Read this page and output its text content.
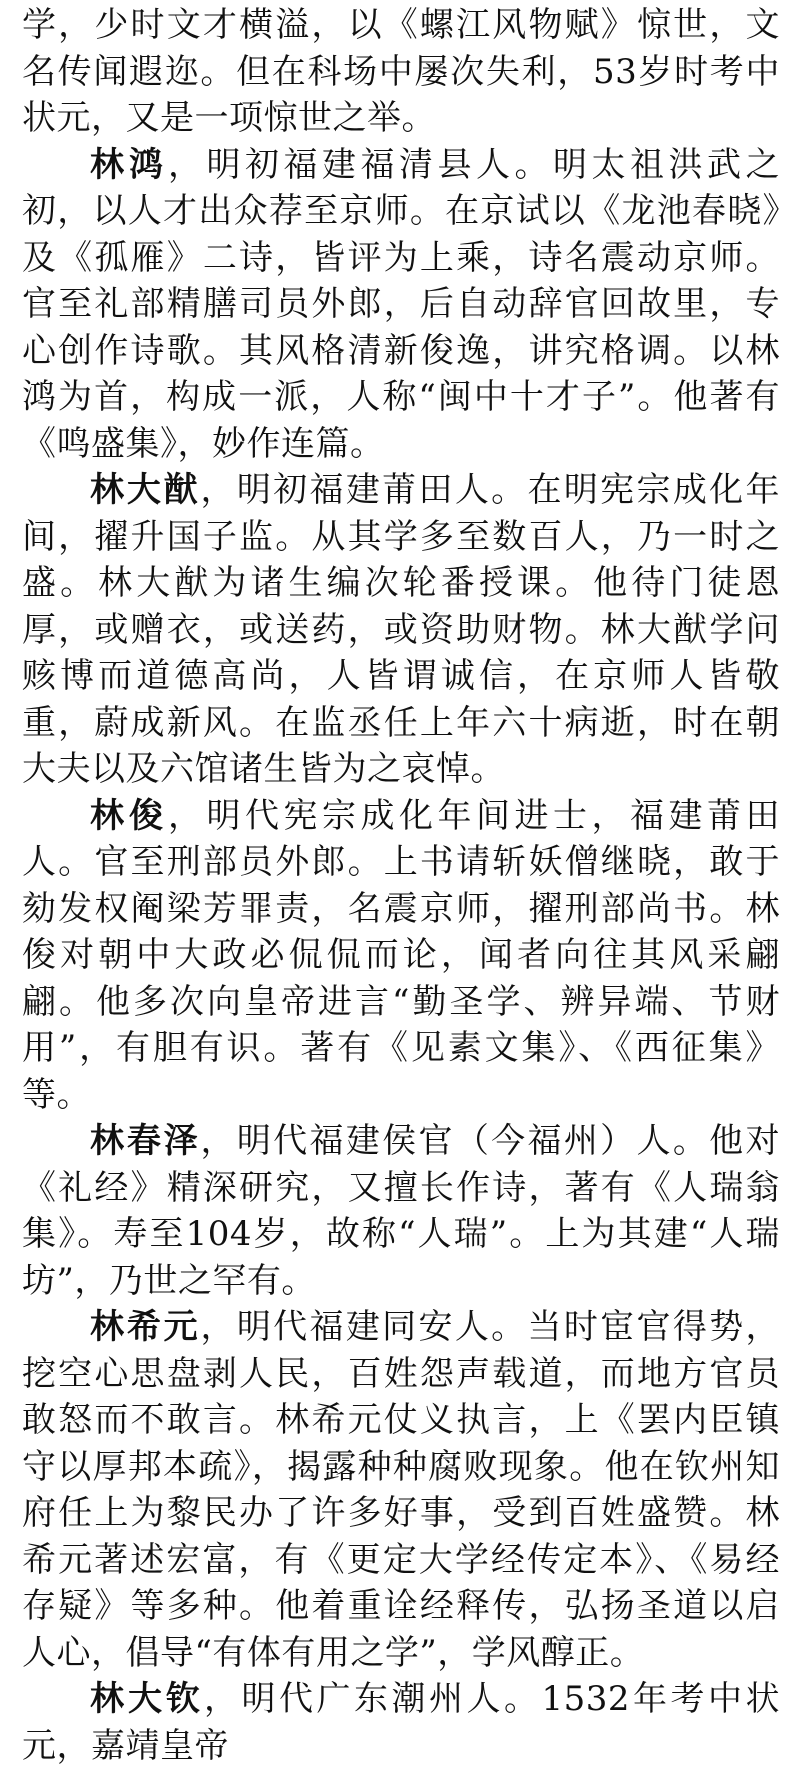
学，少时文才横溢，以《螺江风物赋》惊世，文名传闻遐迩。但在科场中屡次失利，53岁时考中状元，又是一项惊世之举。

林鸿，明初福建福清县人。明太祖洪武之初，以人才出众荐至京师。在京试以《龙池春晓》及《孤雁》二诗，皆评为上乘，诗名震动京师。官至礼部精膳司员外郎，后自动辞官回故里，专心创作诗歌。其风格清新俊逸，讲究格调。以林鸿为首，构成一派，人称“闽中十才子”。他著有《鸣盛集》，妙作连篇。

林大猷，明初福建莆田人。在明宪宗成化年间，擢升国子监。从其学多至数百人，乃一时之盛。林大猷为诸生编次轮番授课。他待门徒恩厚，或赠衣，或送药，或资助财物。林大猷学问赅博而道德高尚，人皆谓诚信，在京师人皆敬重，蔚成新风。在监丞任上年六十病逝，时在朝大夫以及六馆诸生皆为之哀悼。

林俊，明代宪宗成化年间进士，福建莆田人。官至刑部员外郎。上书请斩妖僧继晓，敢于劾发权阉梁芳罪责，名震京师，擢刑部尚书。林俊对朝中大政必侃侃而论，闻者向往其风采翩翩。他多次向皇帝进言“勤圣学、辨异端、节财用”，有胆有识。著有《见素文集》、《西征集》等。

林春泽，明代福建侯官（今福州）人。他对《礼经》精深研究，又擅长作诗，著有《人瑞翁集》。寿至104岁，故称“人瑞”。上为其建“人瑞坊”，乃世之罕有。

林希元，明代福建同安人。当时宦官得势，挖空心思盘剥人民，百姓怨声载道，而地方官员敢怒而不敢言。林希元仗义执言，上《罢内臣镇守以厚邦本疏》，揭露种种腐败现象。他在钦州知府任上为黎民办了许多好事，受到百姓盛赞。林希元著述宏富，有《更定大学经传定本》、《易经存疑》等多种。他着重诠经释传，弘扬圣道以启人心，倡导“有体有用之学”，学风醇正。

林大钦，明代广东潮州人。1532年考中状元，嘉靖皇帝
